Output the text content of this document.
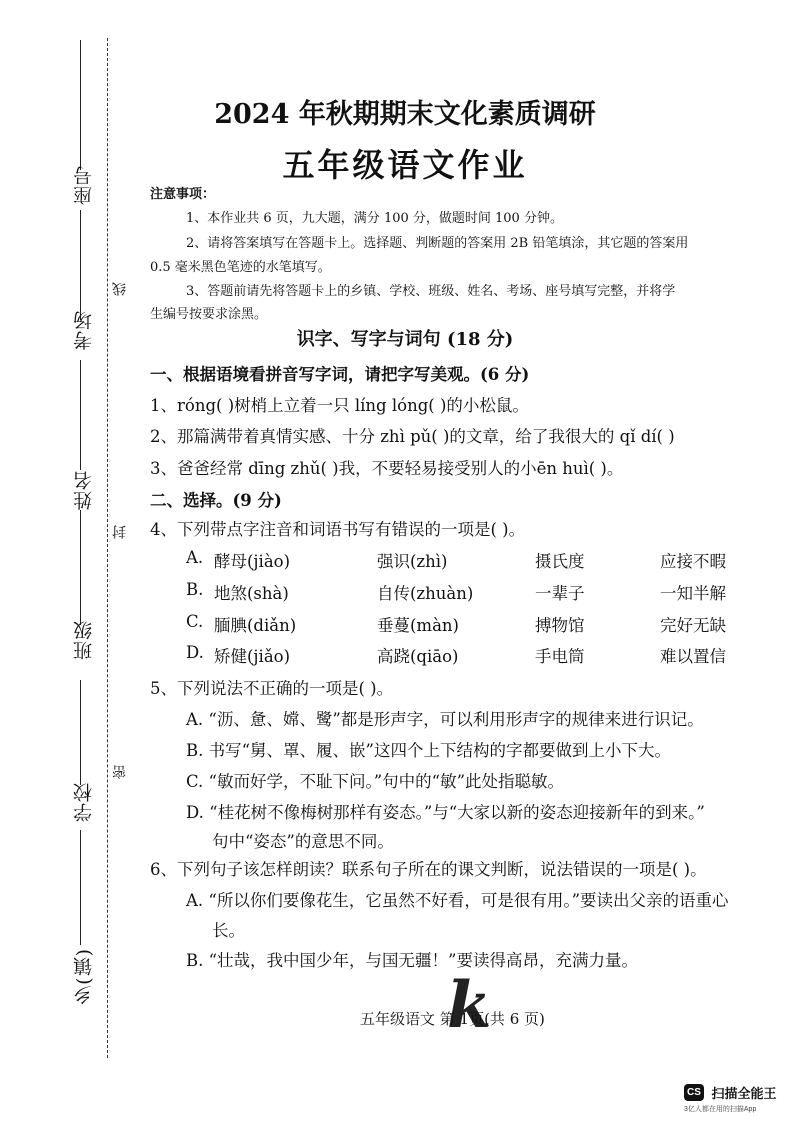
座号
考场
姓名
班级
学校
乡(镇)
线
封
密
2024 年秋期期末文化素质调研
五年级语文作业
注意事项：
1、本作业共 6 页，九大题，满分 100 分，做题时间 100 分钟。
2、请将答案填写在答题卡上。选择题、判断题的答案用 2B 铅笔填涂，其它题的答案用
0.5 毫米黑色笔迹的水笔填写。
3、答题前请先将答题卡上的乡镇、学校、班级、姓名、考场、座号填写完整，并将学
生编号按要求涂黑。
识字、写字与词句 (18 分)
一、根据语境看拼音写字词，请把字写美观。(6 分)
1、róng( )树梢上立着一只 líng lóng( )的小松鼠。
2、那篇满带着真情实感、十分 zhì pǔ( )的文章，给了我很大的 qǐ dí( )
3、爸爸经常 dīng zhǔ( )我，不要轻易接受别人的小ēn huì( )。
二、选择。(9 分)
4、下列带点字注音和词语书写有错误的一项是( )。
A. 酵母(jiào)	强识(zhì)	摄氏度	应接不暇
B. 地煞(shà)	自传(zhuàn)	一辈子	一知半解
C. 腼腆(diǎn)	垂蔓(màn)	搏物馆	完好无缺
D. 矫健(jiǎo)	高跷(qiāo)	手电筒	难以置信
5、下列说法不正确的一项是( )。
A. “沥、惫、嫦、鹭”都是形声字，可以利用形声字的规律来进行识记。
B. 书写“舅、罩、履、嵌”这四个上下结构的字都要做到上小下大。
C. “敏而好学，不耻下问。”句中的“敏”此处指聪敏。
D. “桂花树不像梅树那样有姿态。”与“大家以新的姿态迎接新年的到来。”
句中“姿态”的意思不同。
6、下列句子该怎样朗读？联系句子所在的课文判断，说法错误的一项是( )。
A. “所以你们要像花生，它虽然不好看，可是很有用。”要读出父亲的语重心
长。
B. “壮哉，我中国少年，与国无疆！”要读得高昂，充满力量。
k
五年级语文 第 1页(共 6 页)
CS 扫描全能王
3亿人都在用的扫描App
